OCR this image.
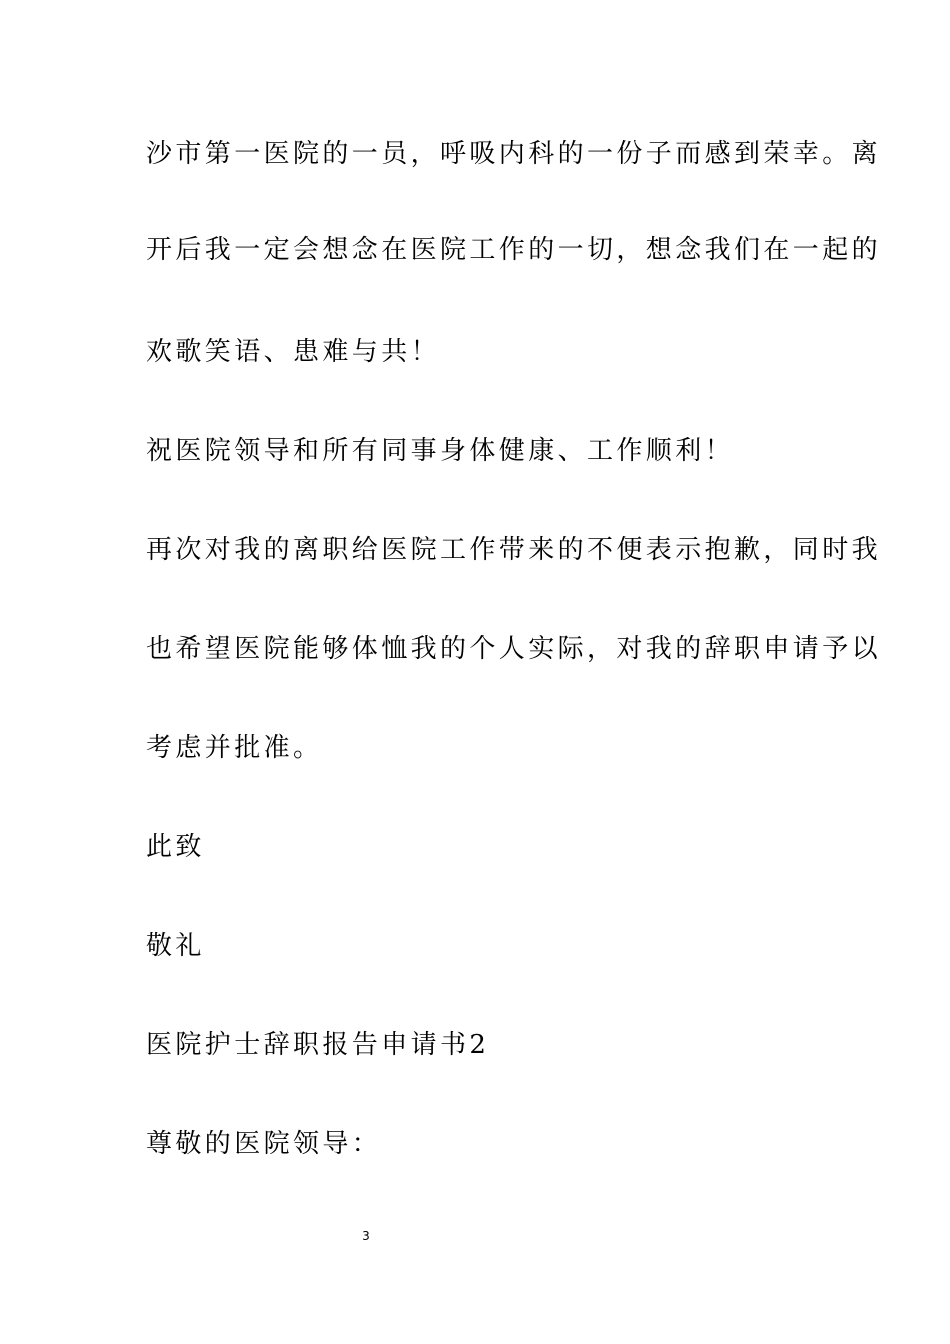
沙市第一医院的一员，呼吸内科的一份子而感到荣幸。离
开后我一定会想念在医院工作的一切，想念我们在一起的
欢歌笑语、患难与共！
祝医院领导和所有同事身体健康、工作顺利！
再次对我的离职给医院工作带来的不便表示抱歉，同时我
也希望医院能够体恤我的个人实际，对我的辞职申请予以
考虑并批准。
此致
敬礼
医院护士辞职报告申请书2
尊敬的医院领导：
3
